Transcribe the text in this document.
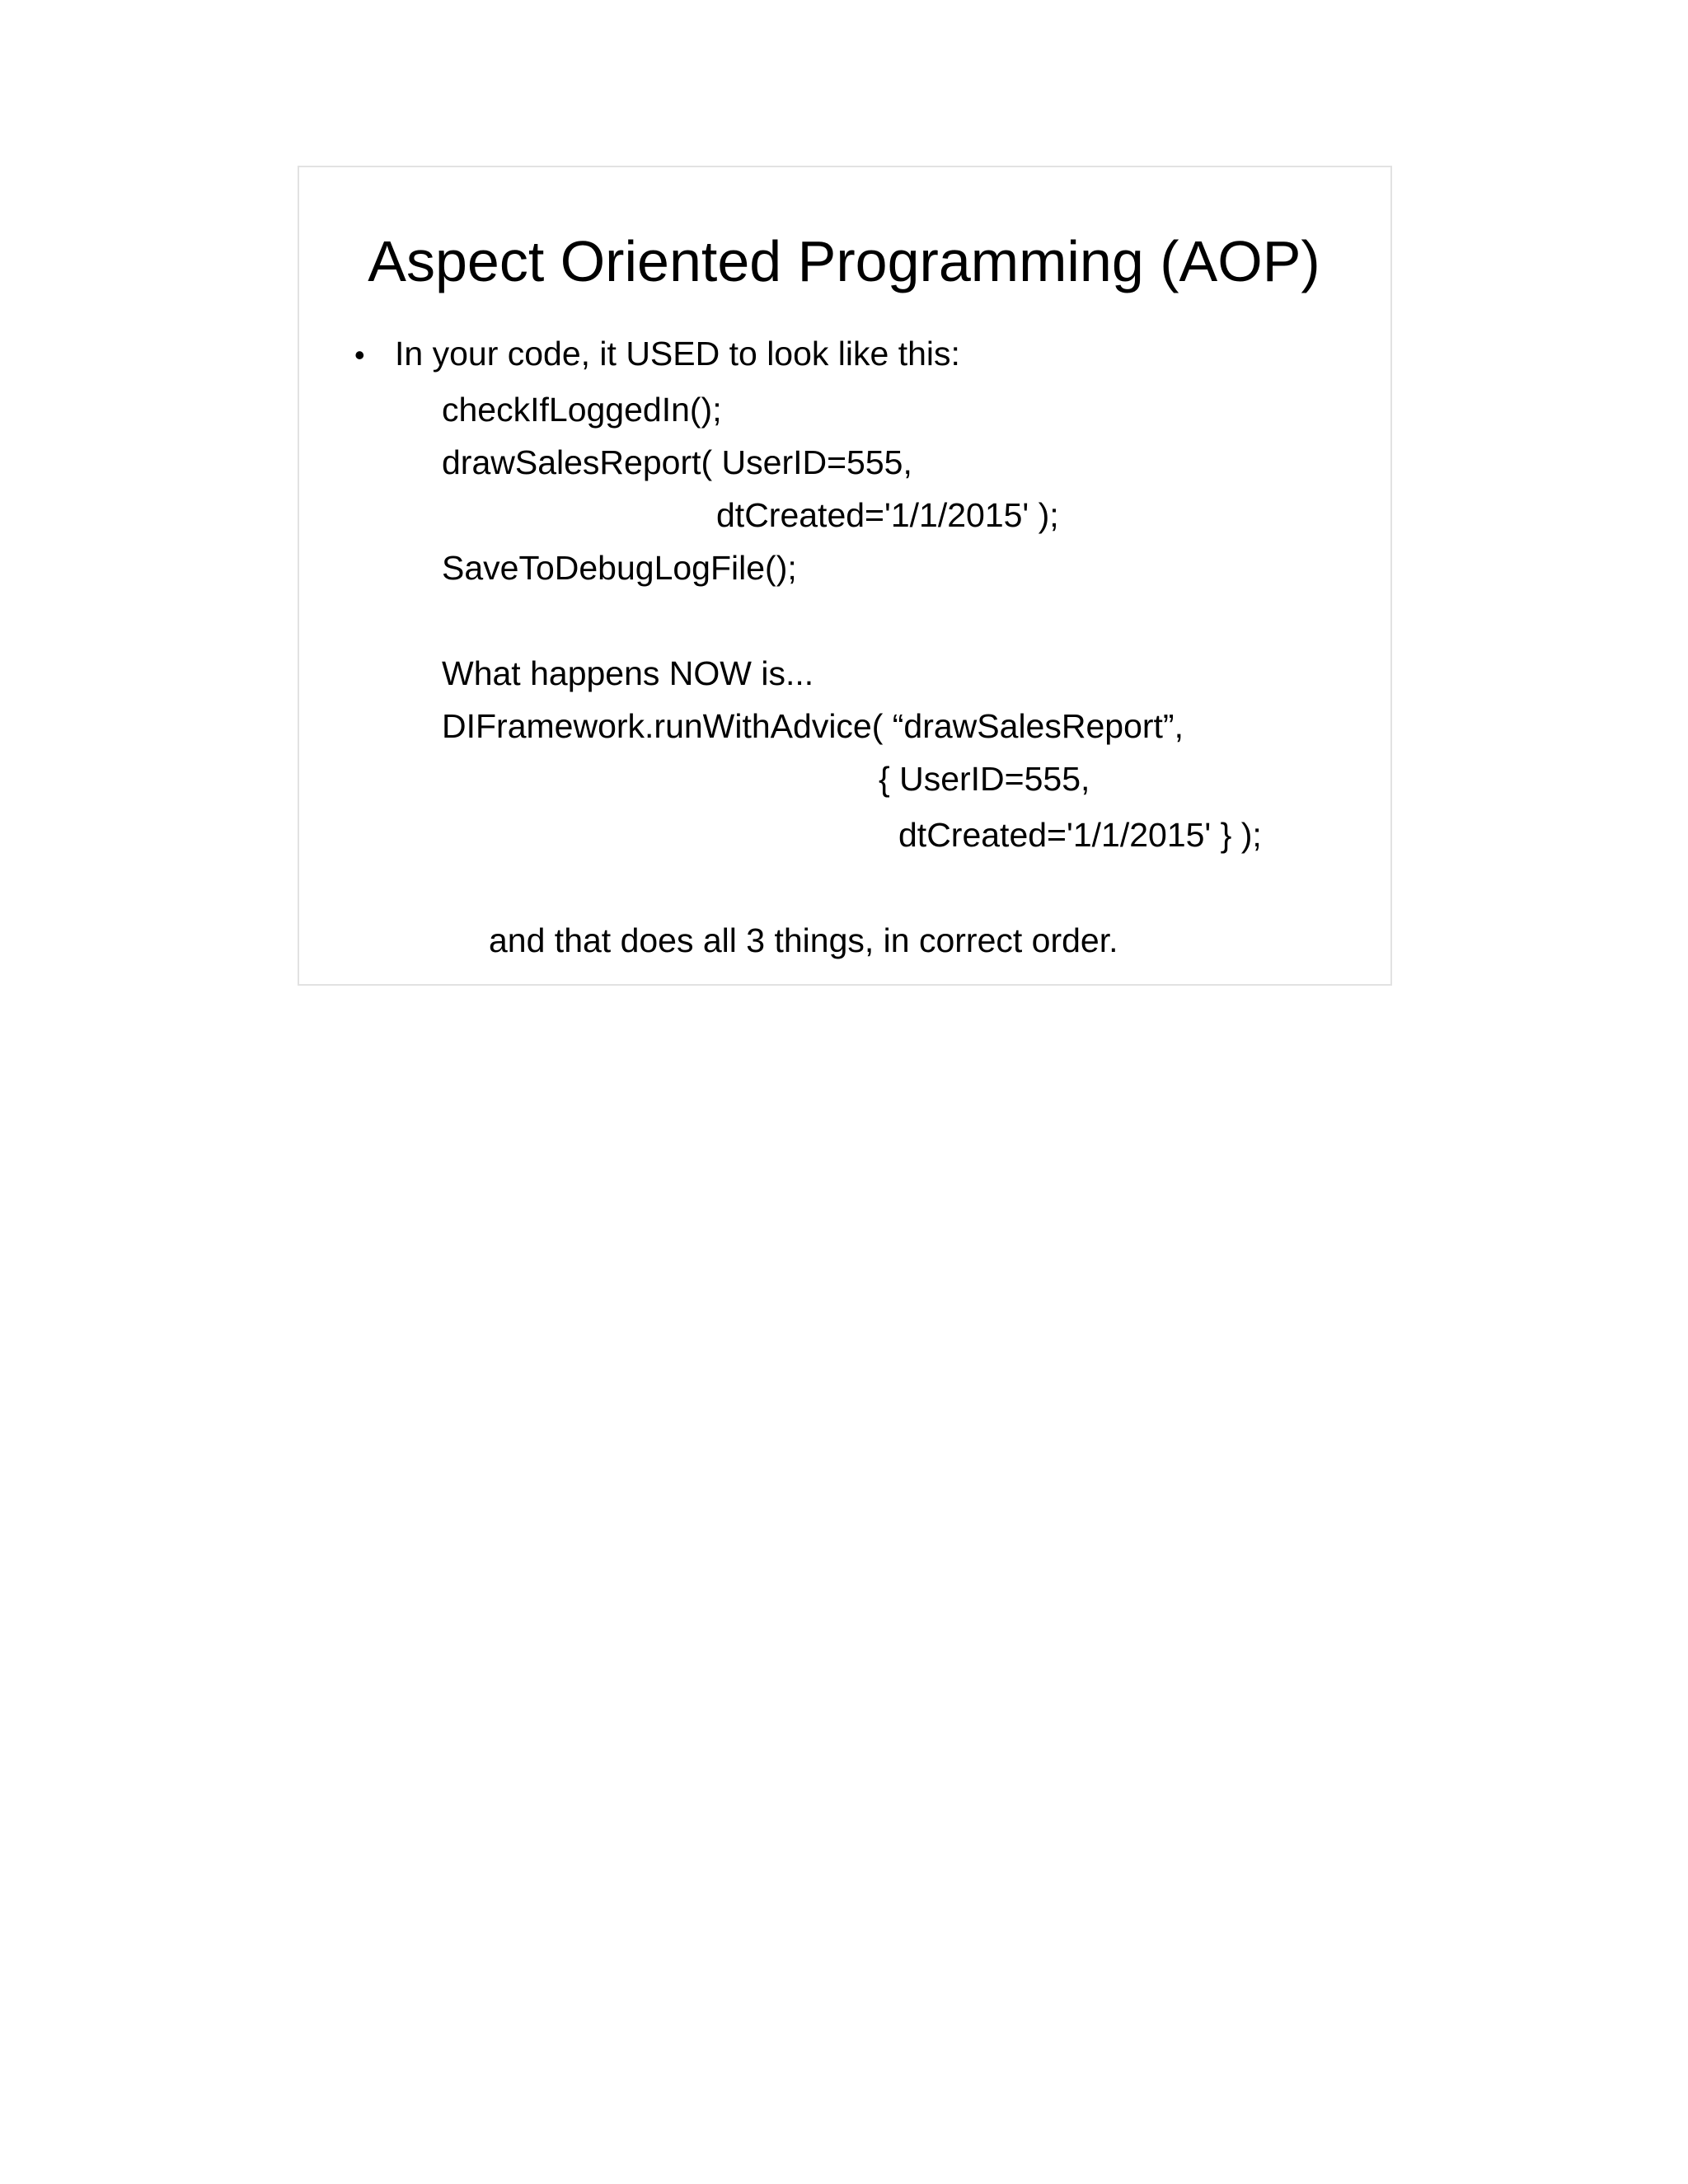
Aspect Oriented Programming (AOP)
• In your code, it USED to look like this:
checkIfLoggedIn();
drawSalesReport( UserID=555,
dtCreated='1/1/2015' );
SaveToDebugLogFile();
What happens NOW is...
DIFramework.runWithAdvice( “drawSalesReport”,
{ UserID=555,
dtCreated='1/1/2015' } );
and that does all 3 things, in correct order.
